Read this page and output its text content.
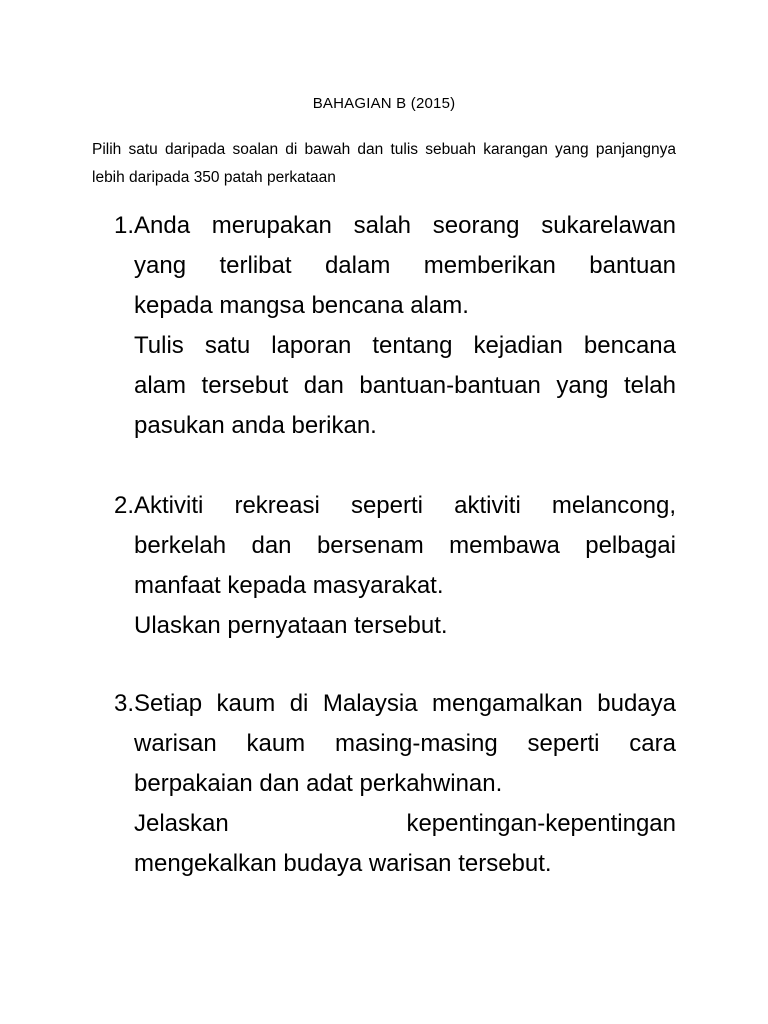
BAHAGIAN B (2015)
Pilih satu daripada soalan di bawah dan tulis sebuah karangan yang panjangnya lebih daripada 350 patah perkataan
1. Anda merupakan salah seorang sukarelawan
yang terlibat dalam memberikan bantuan
kepada mangsa bencana alam.
Tulis satu laporan tentang kejadian bencana
alam tersebut dan bantuan-bantuan yang telah
pasukan anda berikan.
2. Aktiviti rekreasi seperti aktiviti melancong,
berkelah dan bersenam membawa pelbagai
manfaat kepada masyarakat.
Ulaskan pernyataan tersebut.
3. Setiap kaum di Malaysia mengamalkan budaya
warisan kaum masing-masing seperti cara
berpakaian dan adat perkahwinan.
Jelaskan kepentingan-kepentingan
mengekalkan budaya warisan tersebut.
